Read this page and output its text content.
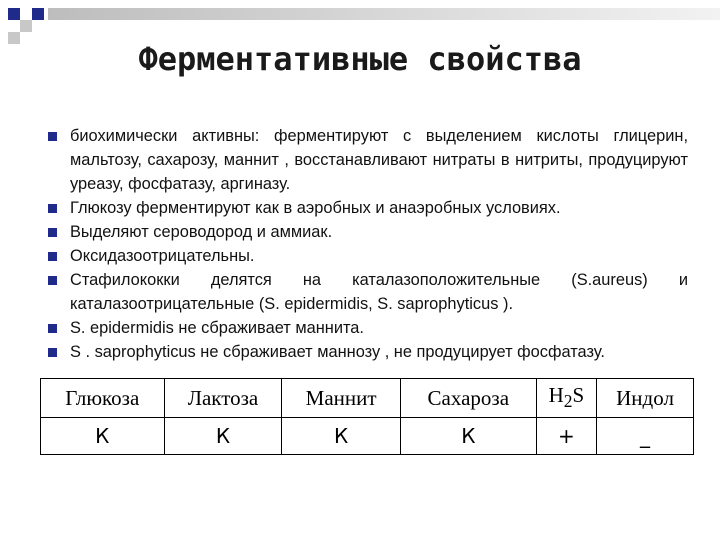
Ферментативные свойства
биохимически активны: ферментируют с выделением кислоты глицерин, мальтозу, сахарозу, маннит , восстанавливают нитраты в нитриты, продуцируют уреазу, фосфатазу, аргиназу.
Глюкозу ферментируют как в аэробных и анаэробных условиях.
Выделяют сероводород и аммиак.
Оксидазоотрицательны.
Стафилококки делятся на каталазоположительные (S.aureus) и каталазоотрицательные (S. epidermidis, S. saprophyticus ).
S. epidermidis не сбраживает маннита.
S . saprophyticus не сбраживает маннозу , не продуцирует фосфатазу.
Глюкоза	Лактоза	Маннит	Сахароза	$H_2S$	Индол
К	К	К	К	+	_
